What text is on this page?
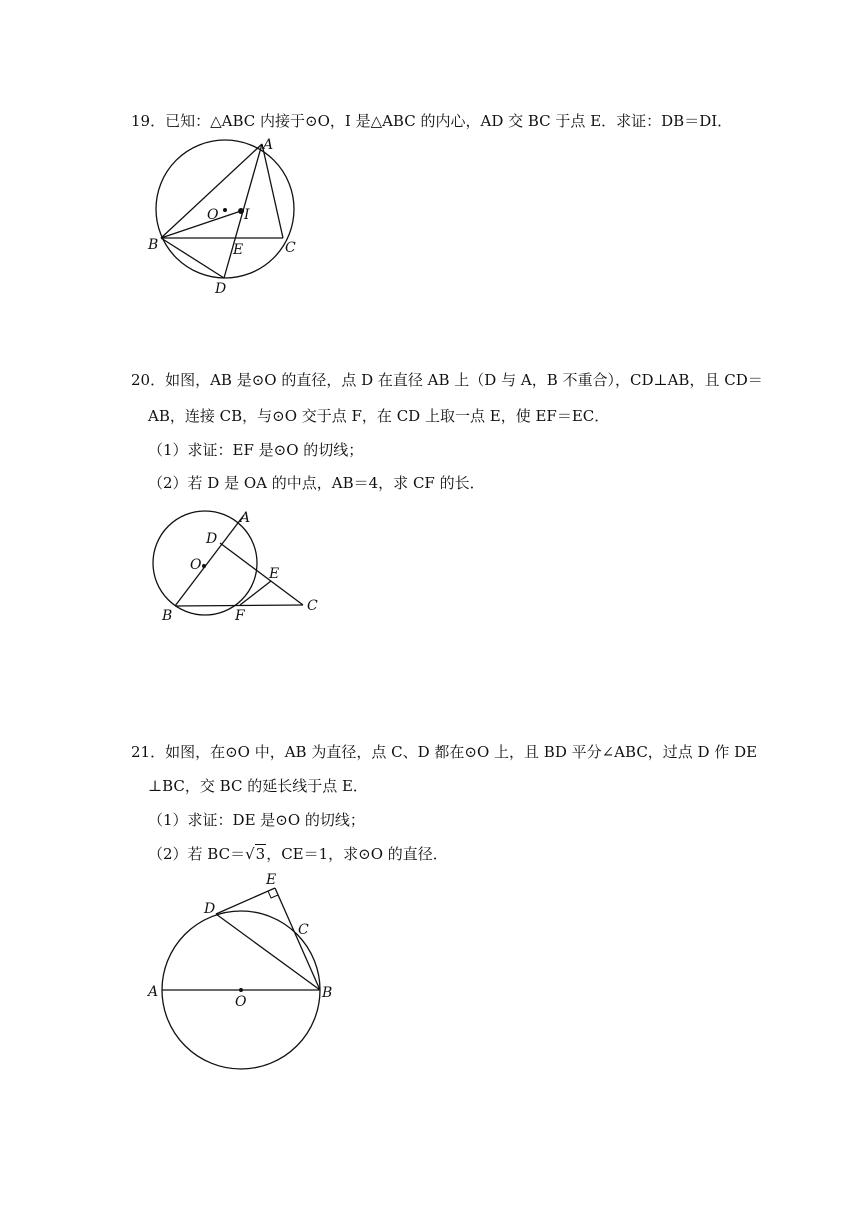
19．已知：△ABC 内接于⊙O，I 是△ABC 的内心，AD 交 BC 于点 E．求证：DB＝DI．
A
O I
B	E	C
D
20．如图，AB 是⊙O 的直径，点 D 在直径 AB 上（D 与 A，B 不重合），CD⊥AB，且 CD＝
AB，连接 CB，与⊙O 交于点 F，在 CD 上取一点 E，使 EF＝EC．
（1）求证：EF 是⊙O 的切线；
（2）若 D 是 OA 的中点，AB＝4，求 CF 的长．
A
D
O
E
C
B	F
21．如图，在⊙O 中，AB 为直径，点 C、D 都在⊙O 上，且 BD 平分∠ABC，过点 D 作 DE
⊥BC，交 BC 的延长线于点 E．
（1）求证：DE 是⊙O 的切线；
（2）若 BC＝√3，CE＝1，求⊙O 的直径．
E
D
C
A
O
B
